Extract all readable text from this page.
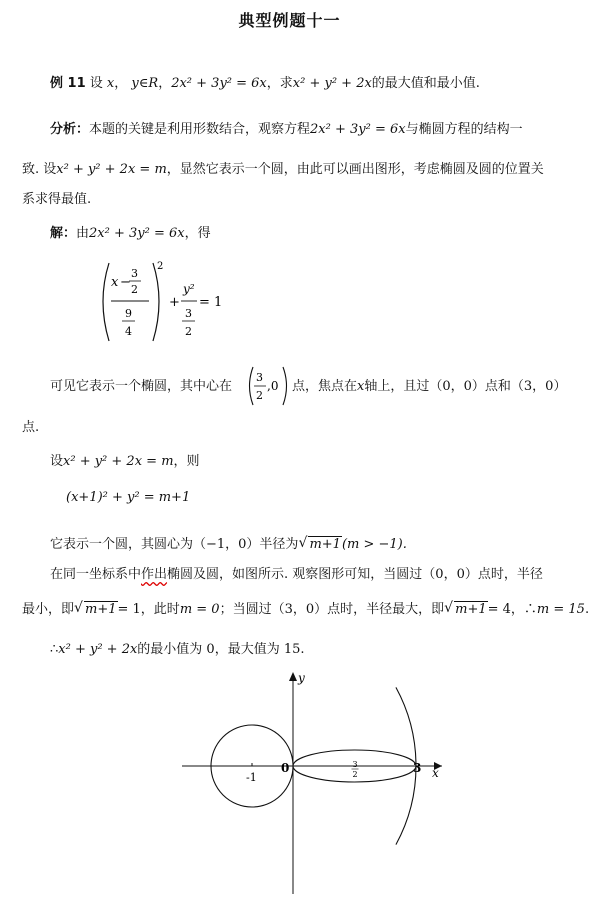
典型例题十一
例 11 设 x， y∈R，2x² + 3y² = 6x，求x² + y² + 2x的最大值和最小值.
分析：本题的关键是利用形数结合，观察方程2x² + 3y² = 6x与椭圆方程的结构一
致. 设x² + y² + 2x = m，显然它表示一个圆，由此可以画出图形，考虑椭圆及圆的位置关
系求得最值.
解：由2x² + 3y² = 6x，得
2
x −
3
2
9
4
+
y²
3
2
= 1
可见它表示一个椭圆，其中心在
3
2
,0 点，焦点在x轴上，且过（0，0）点和（3，0）
点.
设x² + y² + 2x = m，则
(x+1)² + y² = m+1
它表示一个圆，其圆心为（−1，0）半径为 √ m+1(m > −1).
在同一坐标系中作出椭圆及圆，如图所示. 观察图形可知，当圆过（0，0）点时，半径
最小，即 √ m+1= 1，此时m = 0；当圆过（3，0）点时，半径最大，即 √ m+1= 4，∴m = 15.
∴x² + y² + 2x的最小值为 0，最大值为 15.
y
x
-1
0	3
3
2
